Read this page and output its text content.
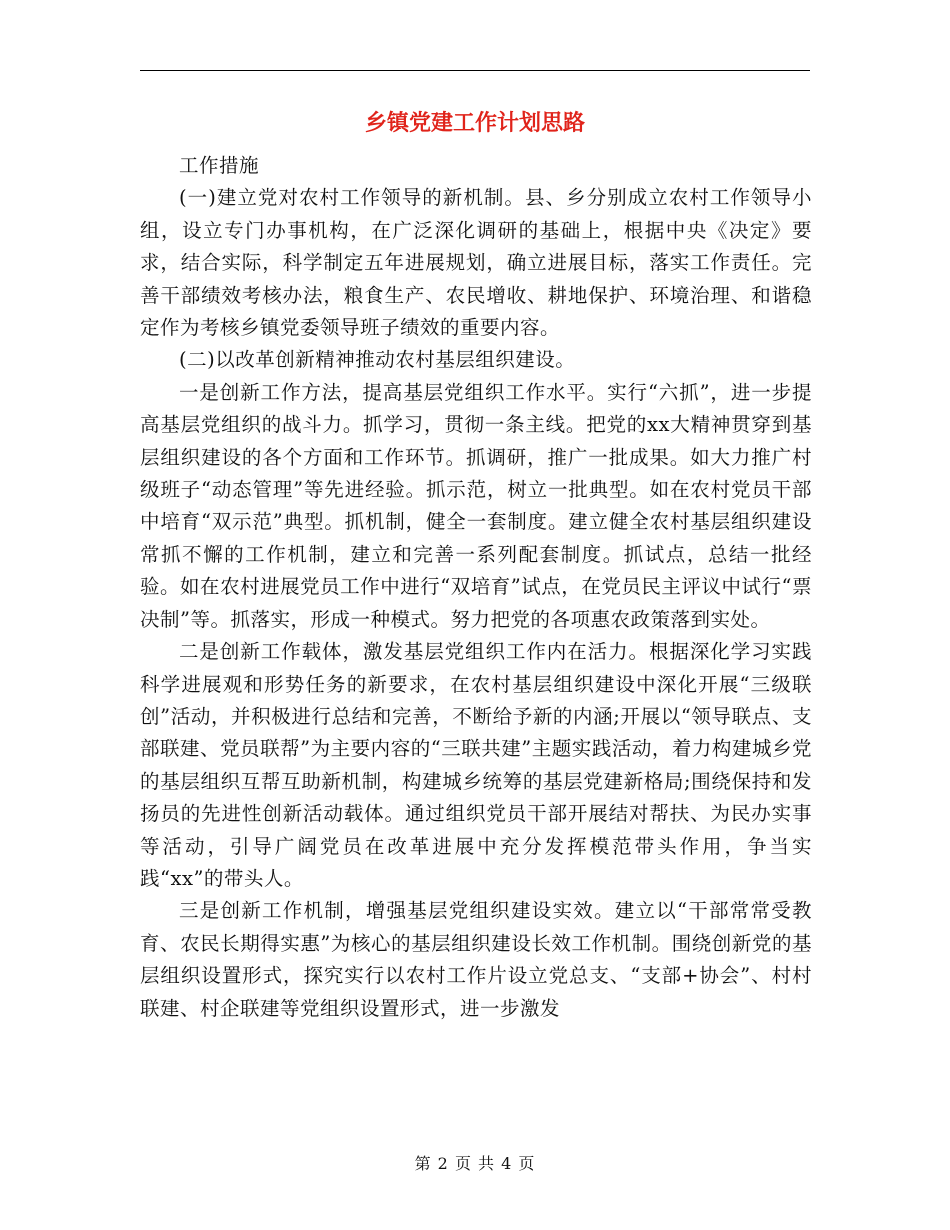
乡镇党建工作计划思路

工作措施

(一)建立党对农村工作领导的新机制。县、乡分别成立农村工作领导小组，设立专门办事机构，在广泛深化调研的基础上，根据中央《决定》要求，结合实际，科学制定五年进展规划，确立进展目标，落实工作责任。完善干部绩效考核办法，粮食生产、农民增收、耕地保护、环境治理、和谐稳定作为考核乡镇党委领导班子绩效的重要内容。

(二)以改革创新精神推动农村基层组织建设。

一是创新工作方法，提高基层党组织工作水平。实行“六抓”，进一步提高基层党组织的战斗力。抓学习，贯彻一条主线。把党的xx大精神贯穿到基层组织建设的各个方面和工作环节。抓调研，推广一批成果。如大力推广村级班子“动态管理”等先进经验。抓示范，树立一批典型。如在农村党员干部中培育“双示范”典型。抓机制，健全一套制度。建立健全农村基层组织建设常抓不懈的工作机制，建立和完善一系列配套制度。抓试点，总结一批经验。如在农村进展党员工作中进行“双培育”试点，在党员民主评议中试行“票决制”等。抓落实，形成一种模式。努力把党的各项惠农政策落到实处。

二是创新工作载体，激发基层党组织工作内在活力。根据深化学习实践科学进展观和形势任务的新要求，在农村基层组织建设中深化开展“三级联创”活动，并积极进行总结和完善，不断给予新的内涵;开展以“领导联点、支部联建、党员联帮”为主要内容的“三联共建”主题实践活动，着力构建城乡党的基层组织互帮互助新机制，构建城乡统筹的基层党建新格局;围绕保持和发扬员的先进性创新活动载体。通过组织党员干部开展结对帮扶、为民办实事等活动，引导广阔党员在改革进展中充分发挥模范带头作用，争当实践“xx”的带头人。

三是创新工作机制，增强基层党组织建设实效。建立以“干部常常受教育、农民长期得实惠”为核心的基层组织建设长效工作机制。围绕创新党的基层组织设置形式，探究实行以农村工作片设立党总支、“支部+协会”、村村联建、村企联建等党组织设置形式，进一步激发

第 2 页 共 4 页
